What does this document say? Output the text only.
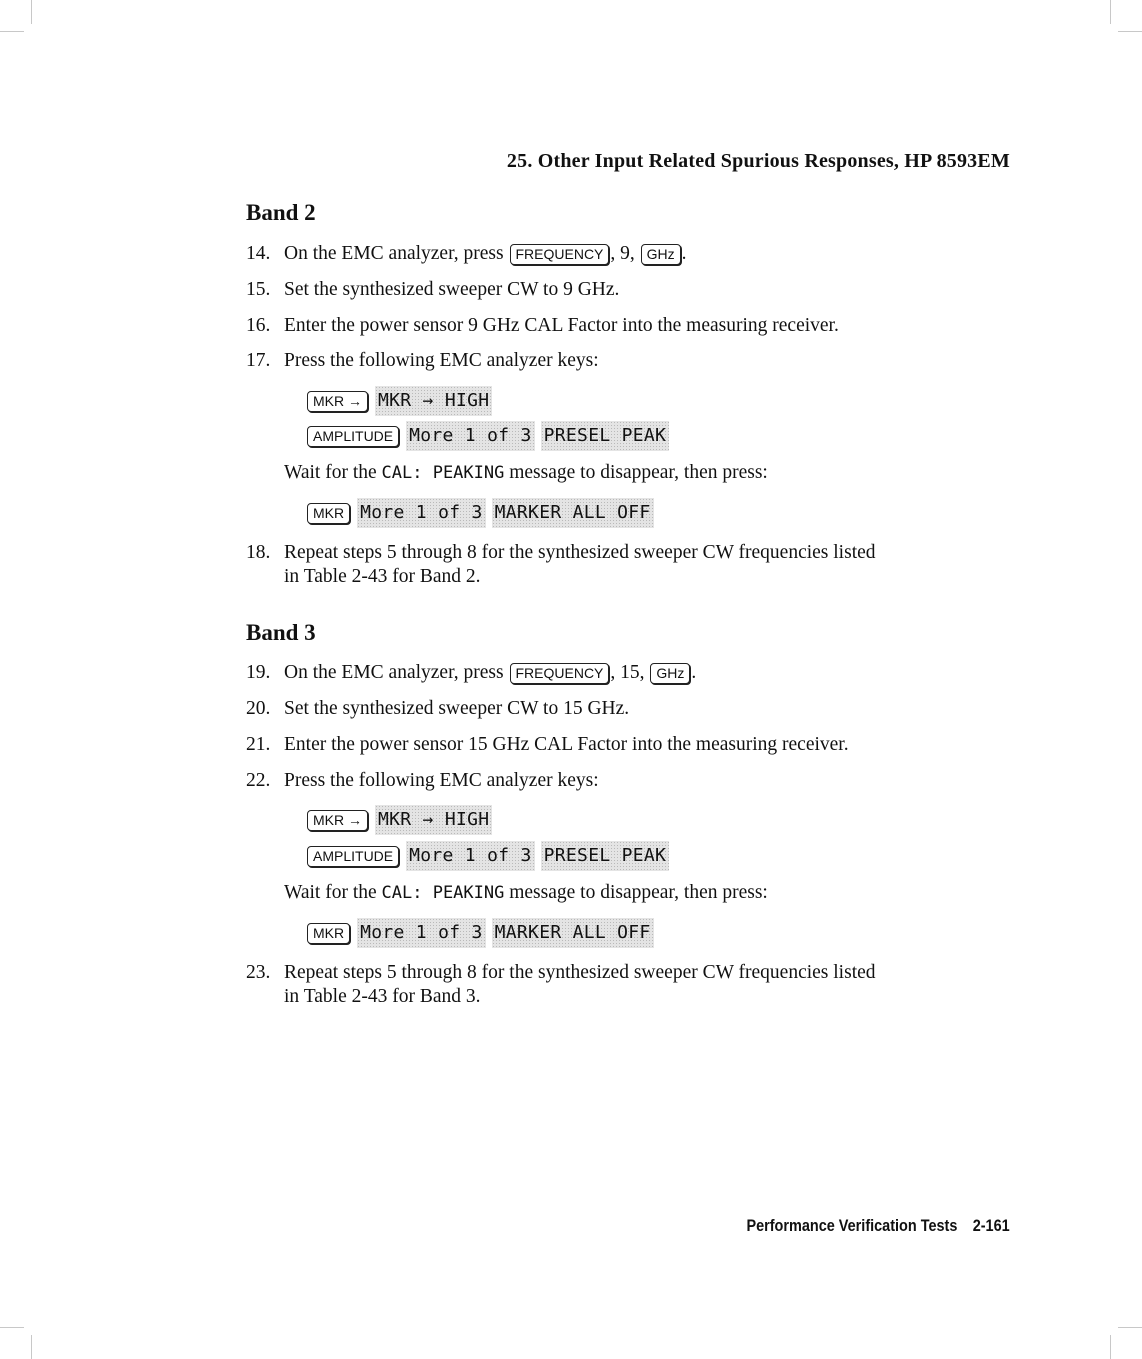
25. Other Input Related Spurious Responses, HP 8593EM
Band 2
14. On the EMC analyzer, press FREQUENCY , 9, GHz .
15. Set the synthesized sweeper CW to 9 GHz.
16. Enter the power sensor 9 GHz CAL Factor into the measuring receiver.
17. Press the following EMC analyzer keys:
MKR → MKR → HIGH
AMPLITUDE More 1 of 3 PRESEL PEAK
Wait for the CAL: PEAKING message to disappear, then press:
MKR More 1 of 3 MARKER ALL OFF
18. Repeat steps 5 through 8 for the synthesized sweeper CW frequencies listed
in Table 2-43 for Band 2.
Band 3
19. On the EMC analyzer, press FREQUENCY , 15, GHz .
20. Set the synthesized sweeper CW to 15 GHz.
21. Enter the power sensor 15 GHz CAL Factor into the measuring receiver.
22. Press the following EMC analyzer keys:
MKR → MKR → HIGH
AMPLITUDE More 1 of 3 PRESEL PEAK
Wait for the CAL: PEAKING message to disappear, then press:
MKR More 1 of 3 MARKER ALL OFF
23. Repeat steps 5 through 8 for the synthesized sweeper CW frequencies listed
in Table 2-43 for Band 3.
Performance Verification Tests 2-161
